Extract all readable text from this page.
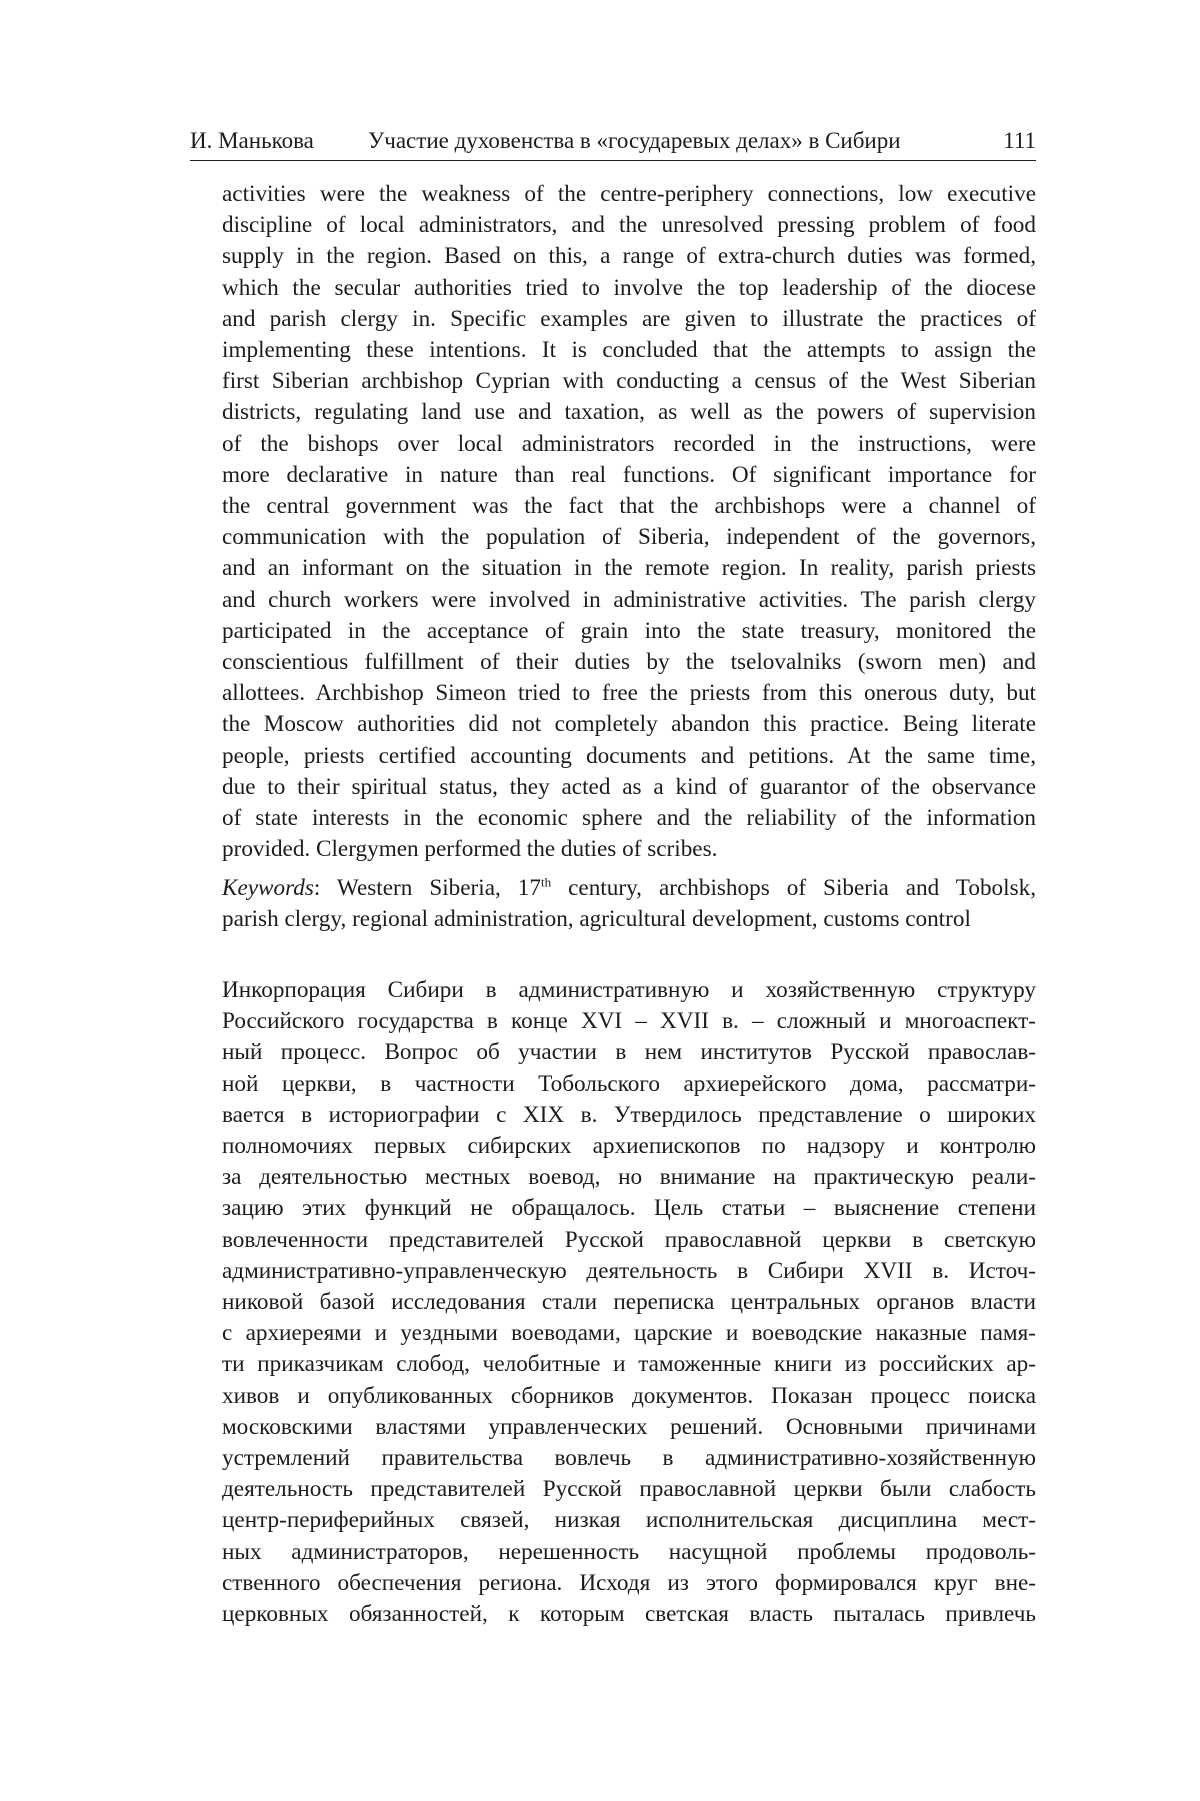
И. Манькова Участие духовенства в «государевых делах» в Сибири	111
activities were the weakness of the centre-periphery connections, low executive
discipline of local administrators, and the unresolved pressing problem of food
supply in the region. Based on this, a range of extra-church duties was formed,
which the secular authorities tried to involve the top leadership of the diocese
and parish clergy in. Specific examples are given to illustrate the practices of
implementing these intentions. It is concluded that the attempts to assign the
first Siberian archbishop Cyprian with conducting a census of the West Siberian
districts, regulating land use and taxation, as well as the powers of supervision
of the bishops over local administrators recorded in the instructions, were
more declarative in nature than real functions. Of significant importance for
the central government was the fact that the archbishops were a channel of
communication with the population of Siberia, independent of the governors,
and an informant on the situation in the remote region. In reality, parish priests
and church workers were involved in administrative activities. The parish clergy
participated in the acceptance of grain into the state treasury, monitored the
conscientious fulfillment of their duties by the tselovalniks (sworn men) and
allottees. Archbishop Simeon tried to free the priests from this onerous duty, but
the Moscow authorities did not completely abandon this practice. Being literate
people, priests certified accounting documents and petitions. At the same time,
due to their spiritual status, they acted as a kind of guarantor of the observance
of state interests in the economic sphere and the reliability of the information
provided. Clergymen performed the duties of scribes.
Keywords: Western Siberia, 17th century, archbishops of Siberia and Tobolsk,
parish clergy, regional administration, agricultural development, customs control
Инкорпорация Сибири в административную и хозяйственную структуру
Российского государства в конце XVI – XVII в. – сложный и многоаспект-
ный процесс. Вопрос об участии в нем институтов Русской православ-
ной церкви, в частности Тобольского архиерейского дома, рассматри-
вается в историографии с XIX в. Утвердилось представление о широких
полномочиях первых сибирских архиепископов по надзору и контролю
за деятельностью местных воевод, но внимание на практическую реали-
зацию этих функций не обращалось. Цель статьи – выяснение степени
вовлеченности представителей Русской православной церкви в светскую
административно-управленческую деятельность в Сибири XVII в. Источ-
никовой базой исследования стали переписка центральных органов власти
с архиереями и уездными воеводами, царские и воеводские наказные памя-
ти приказчикам слобод, челобитные и таможенные книги из российских ар-
хивов и опубликованных сборников документов. Показан процесс поиска
московскими властями управленческих решений. Основными причинами
устремлений правительства вовлечь в административно-хозяйственную
деятельность представителей Русской православной церкви были слабость
центр-периферийных связей, низкая исполнительская дисциплина мест-
ных администраторов, нерешенность насущной проблемы продоволь-
ственного обеспечения региона. Исходя из этого формировался круг вне-
церковных обязанностей, к которым светская власть пыталась привлечь
